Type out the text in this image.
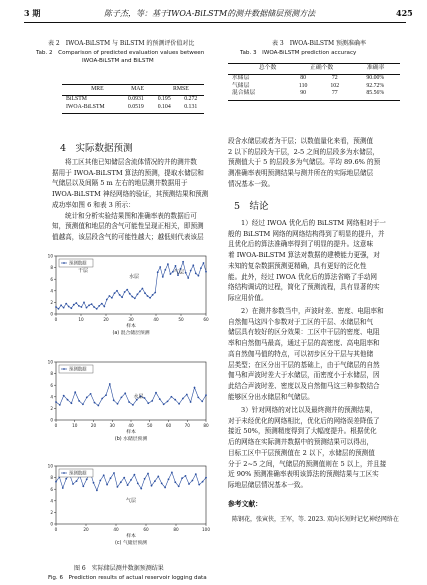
3 期	陈子杰，等：基于IWOA-BiLSTM的测井数据储层预测方法	425
表 2　IWOA-BiLSTM 与 BiLSTM 的预测评价值对比
Tab. 2　Comparison of predicted evaluation values between
IWOA-BiLSTM and BiLSTM
	MRE	MAE	RMSE
BiLSTM	0.0931	0.195	0.272
IWOA-BiLSTM	0.0519	0.104	0.131
表 3　IWOA-BiLSTM 预测准确率
Tab. 3　IWOA-BiLSTM prediction accuracy
	总个数	正确个数	准确率
水储层	80	72	90.00%
气储层	110	102	92.72%
混合储层	90	77	85.56%
4　实际数据预测
将工区其他已知储层含流体情况的井的测井数
据用于 IWOA-BiLSTM 算法的预测，提取水储层和
气储层以及间隔 5 m 左右的地层测井数据用于
IWOA-BiLSTM 神经网络的验证，其预测结果和预测
成功率如图 6 和表 3 所示：
统计和分析实验结果图和准确率表的数据后可
知，预测值和地层的含气可能性呈现正相关，即预测
值越高，该层段含气的可能性越大；越低则代表该层
0
2
4
6
8
10
0	10	20	30	40	50	60
预测数据
干层
水层
气层
样本
(a) 混合储层预测
0
2
4
6
8
10
0	10	20	30	40	50	60	70	80
预测数据
水层
样本
(b) 水储层预测
0
2
4
6
8
10
0	20	40	60	80	100
预测数据
气层
样本
(c) 气储层预测
图 6　实际储层测井数据预测结果
Fig. 6　Prediction results of actual reservoir logging data
段含水储层或者为干层；以数值量化来看，预测值
2 以下的层段为干层，2-5 之间的层段多为水储层，
预测值大于 5 的层段多为气储层。平均 89.6% 的预
测准确率表明预测结果与测井所在的实际地层储层
情况基本一致。
5　结论
1）经过 IWOA 优化后的 BiLSTM 网络相对于一
般的 BiLSTM 网络的网络结构得到了明显的提升，并
且优化后的算法准确率得到了明显的提升。这意味
着 IWOA-BiLSTM 算法对数据的建模能力更强，对
未知的复杂数据预测更精确，具有更好的泛化性
能。此外，经过 IWOA 优化后的算法省略了手动网
络结构调试的过程，简化了预测流程，具有显著的实
际应用价值。
2）在测井参数当中，声波时差、密度、电阻率和
自然伽马这四个参数对于工区的干层、水储层和气
储层具有较好的区分效果：工区中干层的密度、电阻
率和自然伽马最高，通过于层的高密度、高电阻率和
高自然伽马值的特点，可以初步区分干层与其他储
层类型；在区分出干层的基础上，由于气储层的自然
伽马和声波时差大于水储层，而密度小于水储层，因
此结合声波时差、密度以及自然伽马这三种参数结合
能够区分出水储层和气储层。
3）针对网络的对比以及最终测井的预测结果，
对于未经优化的网络相比，优化后的网络误差降低了
接近 50%，预测精度得到了大幅度提升。根据优化
后的网络在实际测井数据中的预测结果可以得出，
目标工区中干层预测值在 2 以下，水储层的预测值
分于 2~5 之间，气储层的预测值则在 5 以上，并且接
近 90% 预测准确率表明该算法的预测结果与工区实
际地层储层情况基本一致。
参考文献：
陈钢花，张寅侠，王军，等. 2023. 双向长短时记忆神经网络在
